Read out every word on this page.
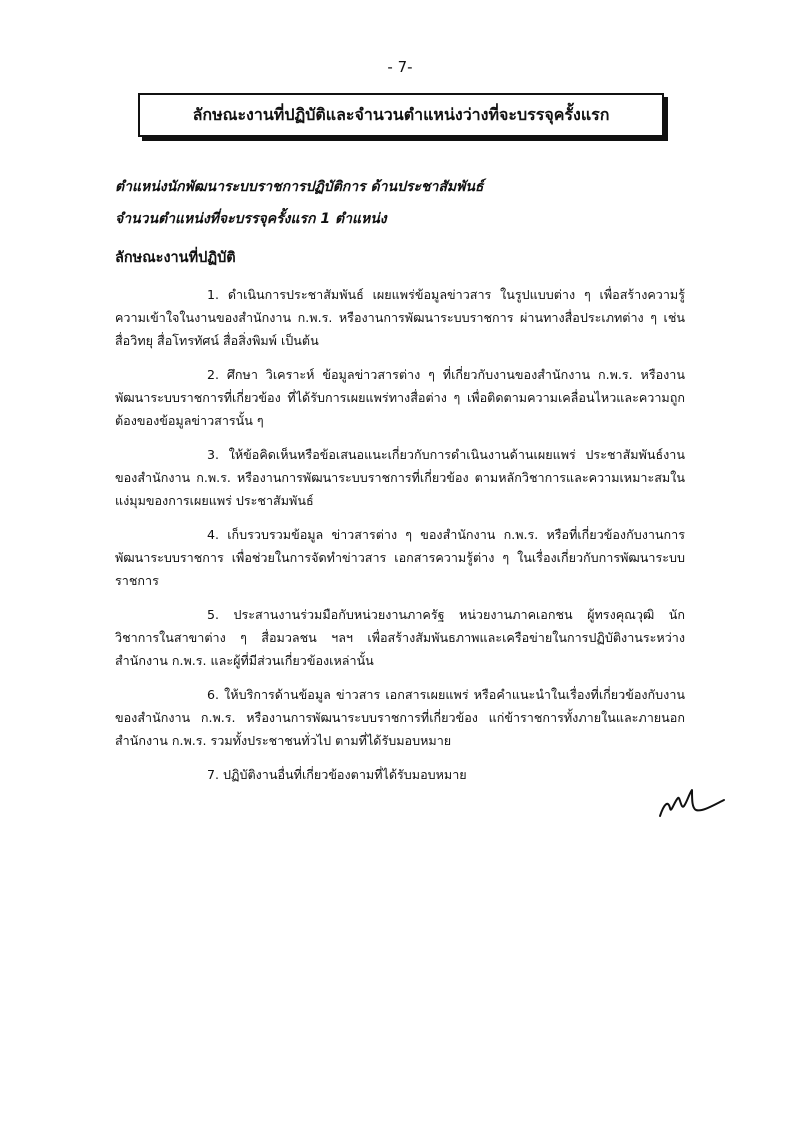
- 7-
ลักษณะงานที่ปฏิบัติและจำนวนตำแหน่งว่างที่จะบรรจุครั้งแรก
ตำแหน่งนักพัฒนาระบบราชการปฏิบัติการ ด้านประชาสัมพันธ์
จำนวนตำแหน่งที่จะบรรจุครั้งแรก 1 ตำแหน่ง
ลักษณะงานที่ปฏิบัติ

1. ดำเนินการประชาสัมพันธ์ เผยแพร่ข้อมูลข่าวสาร ในรูปแบบต่าง ๆ เพื่อสร้างความรู้ความเข้าใจในงานของสำนักงาน ก.พ.ร. หรืองานการพัฒนาระบบราชการ ผ่านทางสื่อประเภทต่าง ๆ เช่น สื่อวิทยุ สื่อโทรทัศน์ สื่อสิ่งพิมพ์ เป็นต้น

2. ศึกษา วิเคราะห์ ข้อมูลข่าวสารต่าง ๆ ที่เกี่ยวกับงานของสำนักงาน ก.พ.ร. หรืองานพัฒนาระบบราชการที่เกี่ยวข้อง ที่ได้รับการเผยแพร่ทางสื่อต่าง ๆ เพื่อติดตามความเคลื่อนไหวและความถูกต้องของข้อมูลข่าวสารนั้น ๆ

3. ให้ข้อคิดเห็นหรือข้อเสนอแนะเกี่ยวกับการดำเนินงานด้านเผยแพร่ ประชาสัมพันธ์งานของสำนักงาน ก.พ.ร. หรืองานการพัฒนาระบบราชการที่เกี่ยวข้อง ตามหลักวิชาการและความเหมาะสมในแง่มุมของการเผยแพร่ ประชาสัมพันธ์

4. เก็บรวบรวมข้อมูล ข่าวสารต่าง ๆ ของสำนักงาน ก.พ.ร. หรือที่เกี่ยวข้องกับงานการพัฒนาระบบราชการ เพื่อช่วยในการจัดทำข่าวสาร เอกสารความรู้ต่าง ๆ ในเรื่องเกี่ยวกับการพัฒนาระบบราชการ

5. ประสานงานร่วมมือกับหน่วยงานภาครัฐ หน่วยงานภาคเอกชน ผู้ทรงคุณวุฒิ นักวิชาการในสาขาต่าง ๆ สื่อมวลชน ฯลฯ เพื่อสร้างสัมพันธภาพและเครือข่ายในการปฏิบัติงานระหว่างสำนักงาน ก.พ.ร. และผู้ที่มีส่วนเกี่ยวข้องเหล่านั้น

6. ให้บริการด้านข้อมูล ข่าวสาร เอกสารเผยแพร่ หรือคำแนะนำในเรื่องที่เกี่ยวข้องกับงานของสำนักงาน ก.พ.ร. หรืองานการพัฒนาระบบราชการที่เกี่ยวข้อง แก่ข้าราชการทั้งภายในและภายนอกสำนักงาน ก.พ.ร. รวมทั้งประชาชนทั่วไป ตามที่ได้รับมอบหมาย

7. ปฏิบัติงานอื่นที่เกี่ยวข้องตามที่ได้รับมอบหมาย
